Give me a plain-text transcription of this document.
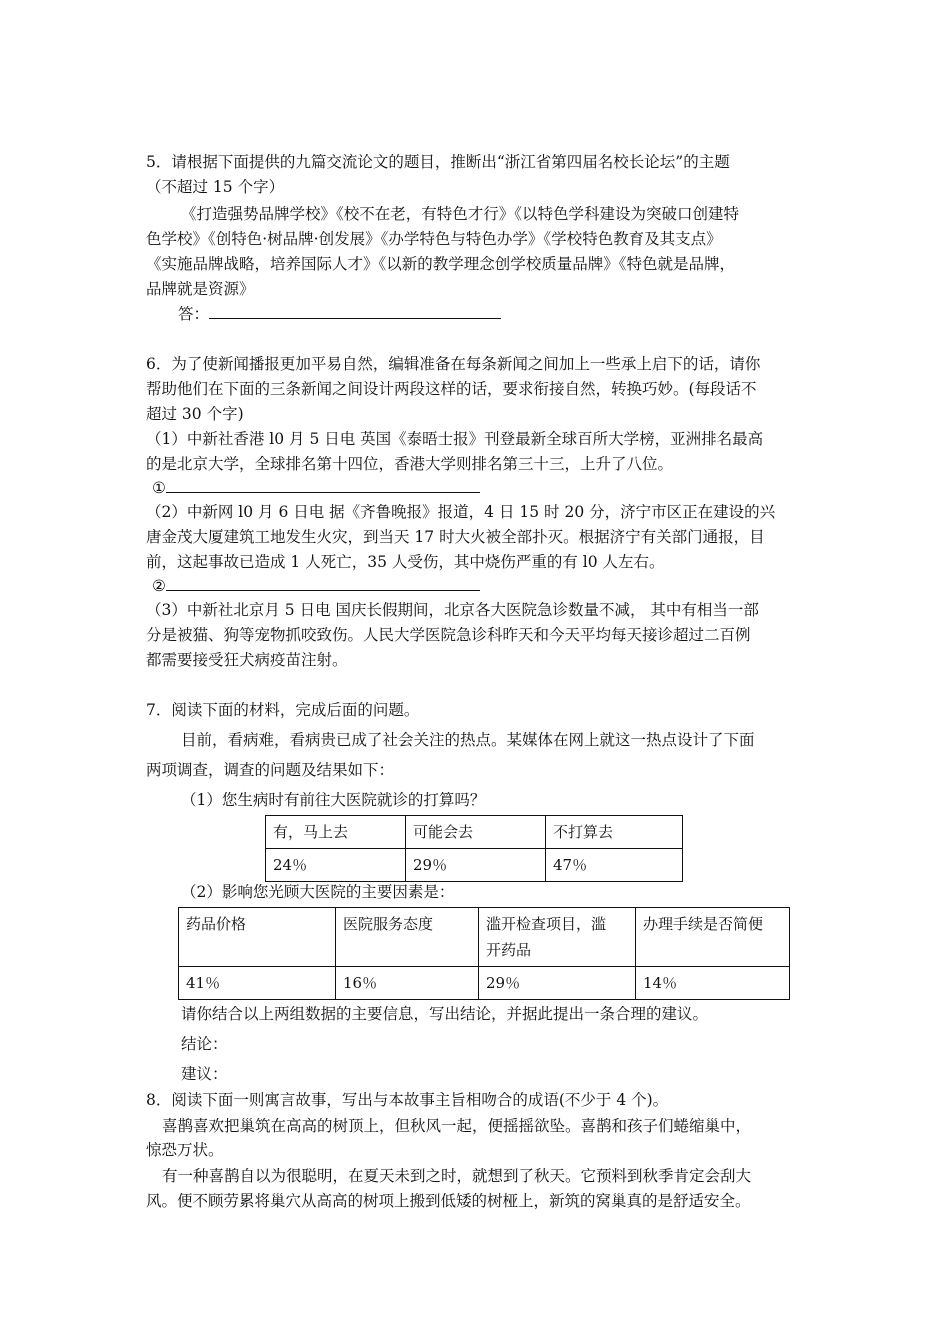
5．请根据下面提供的九篇交流论文的题目，推断出“浙江省第四届名校长论坛”的主题
（不超过 15 个字）
《打造强势品牌学校》《校不在老，有特色才行》《以特色学科建设为突破口创建特
色学校》《创特色·树品牌·创发展》《办学特色与特色办学》《学校特色教育及其支点》
《实施品牌战略，培养国际人才》《以新的教学理念创学校质量品牌》《特色就是品牌，
品牌就是资源》
答：
6．为了使新闻播报更加平易自然，编辑准备在每条新闻之间加上一些承上启下的话，请你
帮助他们在下面的三条新闻之间设计两段这样的话，要求衔接自然，转换巧妙。(每段话不
超过 30 个字)
（1）中新社香港 l0 月 5 日电 英国《泰晤士报》刊登最新全球百所大学榜，亚洲排名最高
的是北京大学，全球排名第十四位，香港大学则排名第三十三，上升了八位。
①
（2）中新网 l0 月 6 日电 据《齐鲁晚报》报道，4 日 15 时 20 分，济宁市区正在建设的兴
唐金茂大厦建筑工地发生火灾，到当天 17 时大火被全部扑灭。根据济宁有关部门通报，目
前，这起事故已造成 1 人死亡，35 人受伤，其中烧伤严重的有 l0 人左右。
②
（3）中新社北京月 5 日电 国庆长假期间，北京各大医院急诊数量不减， 其中有相当一部
分是被猫、狗等宠物抓咬致伤。人民大学医院急诊科昨天和今天平均每天接诊超过二百例
都需要接受狂犬病疫苗注射。
7．阅读下面的材料，完成后面的问题。
目前，看病难，看病贵已成了社会关注的热点。某媒体在网上就这一热点设计了下面
两项调查，调查的问题及结果如下：
（1）您生病时有前往大医院就诊的打算吗？
有，马上去	可能会去	不打算去
24％	29％	47％
（2）影响您光顾大医院的主要因素是：
药品价格	医院服务态度	滥开检查项目，滥
开药品	办理手续是否简便
41％	16％	29％	14％
请你结合以上两组数据的主要信息，写出结论，并据此提出一条合理的建议。
结论：
建议：
8．阅读下面一则寓言故事，写出与本故事主旨相吻合的成语(不少于 4 个)。
喜鹊喜欢把巢筑在高高的树顶上，但秋风一起，便摇摇欲坠。喜鹊和孩子们蜷缩巢中，
惊恐万状。
有一种喜鹊自以为很聪明，在夏天未到之时，就想到了秋天。它预料到秋季肯定会刮大
风。便不顾劳累将巢穴从高高的树项上搬到低矮的树桠上，新筑的窝巢真的是舒适安全。
